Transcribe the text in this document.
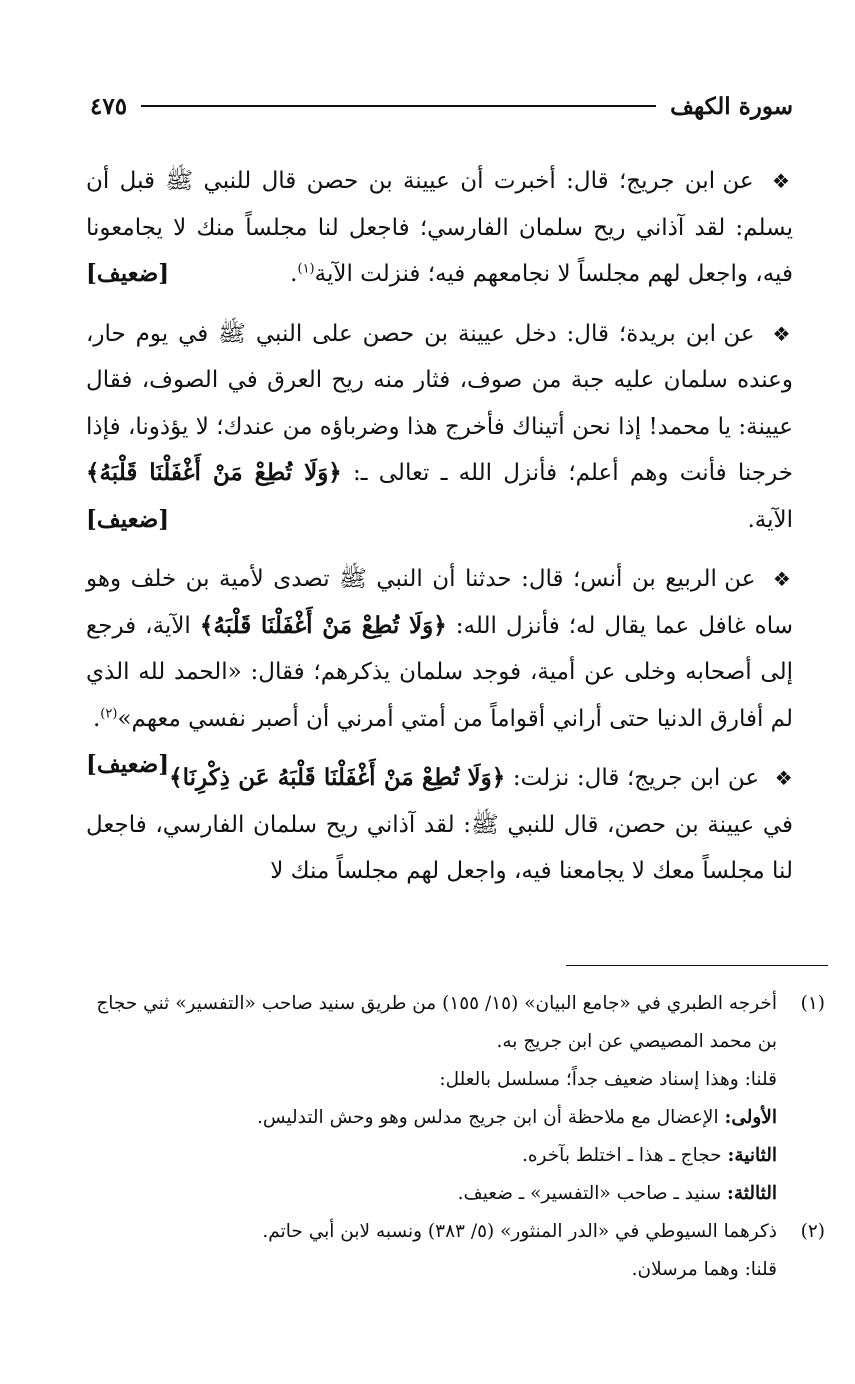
سورة الكهف
٤٧٥

❖ عن ابن جريج؛ قال: أخبرت أن عيينة بن حصن قال للنبي ﷺ قبل أن يسلم: لقد آذاني ريح سلمان الفارسي؛ فاجعل لنا مجلساً منك لا يجامعونا فيه، واجعل لهم مجلساً لا نجامعهم فيه؛ فنزلت الآية$^{(١)}$.
[ضعيف]

❖ عن ابن بريدة؛ قال: دخل عيينة بن حصن على النبي ﷺ في يوم حار، وعنده سلمان عليه جبة من صوف، فثار منه ريح العرق في الصوف، فقال عيينة: يا محمد! إذا نحن أتيناك فأخرج هذا وضرباؤه من عندك؛ لا يؤذونا، فإذا خرجنا فأنت وهم أعلم؛ فأنزل الله ـ تعالى ـ: ﴿وَلَا تُطِعْ مَنْ أَغْفَلْنَا قَلْبَهُ﴾ الآية.
[ضعيف]

❖ عن الربيع بن أنس؛ قال: حدثنا أن النبي ﷺ تصدى لأمية بن خلف وهو ساه غافل عما يقال له؛ فأنزل الله: ﴿وَلَا تُطِعْ مَنْ أَغْفَلْنَا قَلْبَهُ﴾ الآية، فرجع إلى أصحابه وخلى عن أمية، فوجد سلمان يذكرهم؛ فقال: «الحمد لله الذي لم أفارق الدنيا حتى أراني أقواماً من أمتي أمرني أن أصبر نفسي معهم»$^{(٢)}$.
[ضعيف]	❖ عن ابن جريج؛ قال: نزلت: ﴿وَلَا تُطِعْ مَنْ أَغْفَلْنَا قَلْبَهُ عَن ذِكْرِنَا﴾ في عيينة بن حصن، قال للنبي ﷺ: لقد آذاني ريح سلمان الفارسي، فاجعل لنا مجلساً معك لا يجامعنا فيه، واجعل لهم مجلساً منك لا

(١)
أخرجه الطبري في «جامع البيان» (١٥/ ١٥٥) من طريق سنيد صاحب «التفسير» ثني حجاج بن محمد المصيصي عن ابن جريج به.
قلنا: وهذا إسناد ضعيف جداً؛ مسلسل بالعلل:
الأولى: الإعضال مع ملاحظة أن ابن جريج مدلس وهو وحش التدليس.
الثانية: حجاج ـ هذا ـ اختلط بآخره.
الثالثة: سنيد ـ صاحب «التفسير» ـ ضعيف.
(٢)
ذكرهما السيوطي في «الدر المنثور» (٥/ ٣٨٣) ونسبه لابن أبي حاتم.
قلنا: وهما مرسلان.
